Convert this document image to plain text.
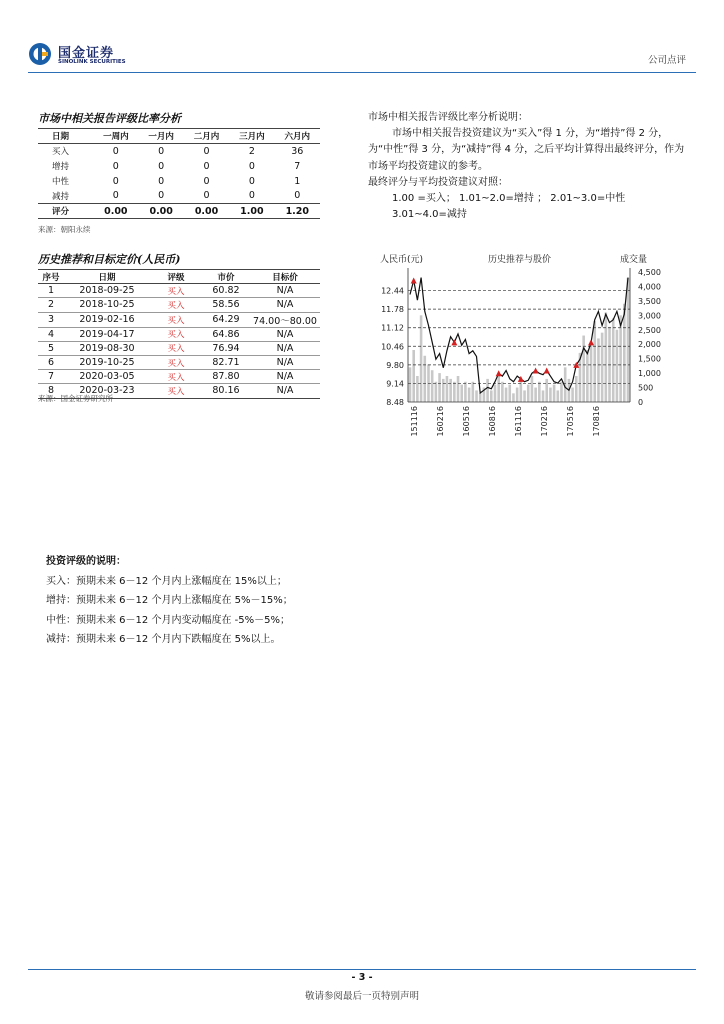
国金证券
SINOLINK SECURITIES	公司点评
市场中相关报告评级比率分析
日期	一周内	一月内	二月内	三月内	六月内
买入	0	0	0	2	36
增持	0	0	0	0	7
中性	0	0	0	0	1
减持	0	0	0	0	0
评分	0.00	0.00	0.00	1.00	1.20
来源：朝阳永续

市场中相关报告评级比率分析说明：

市场中相关报告投资建议为“买入”得 1 分，为“增持”得 2 分，为“中性”得 3 分，为“减持”得 4 分，之后平均计算得出最终评分，作为市场平均投资建议的参考。

最终评分与平均投资建议对照：

1.00 =买入； 1.01~2.0=增持 ； 2.01~3.0=中性

3.01~4.0=减持

历史推荐和目标定价(人民币)
序号	日期	评级	市价	目标价
1	2018-09-25	买入	60.82	N/A
2	2018-10-25	买入	58.56	N/A
3	2019-02-16	买入	64.29	74.00～80.00
4	2019-04-17	买入	64.86	N/A
5	2019-08-30	买入	76.94	N/A
6	2019-10-25	买入	82.71	N/A
7	2020-03-05	买入	87.80	N/A
8	2020-03-23	买入	80.16	N/A
来源：国金证券研究所
人民币(元)	历史推荐与股价	成交量
12.44
11.78
11.12
10.46
9.80
9.14
8.48
4,500
4,000
3,500
3,000
2,500
2,000
1,500
1,000
500
0
151116 160216 160516 160816 161116 170216 170516 170816
投资评级的说明：
买入：预期未来 6－12 个月内上涨幅度在 15%以上；
增持：预期未来 6－12 个月内上涨幅度在 5%－15%；
中性：预期未来 6－12 个月内变动幅度在 -5%－5%；
减持：预期未来 6－12 个月内下跌幅度在 5%以上。
- 3 -
敬请参阅最后一页特别声明
